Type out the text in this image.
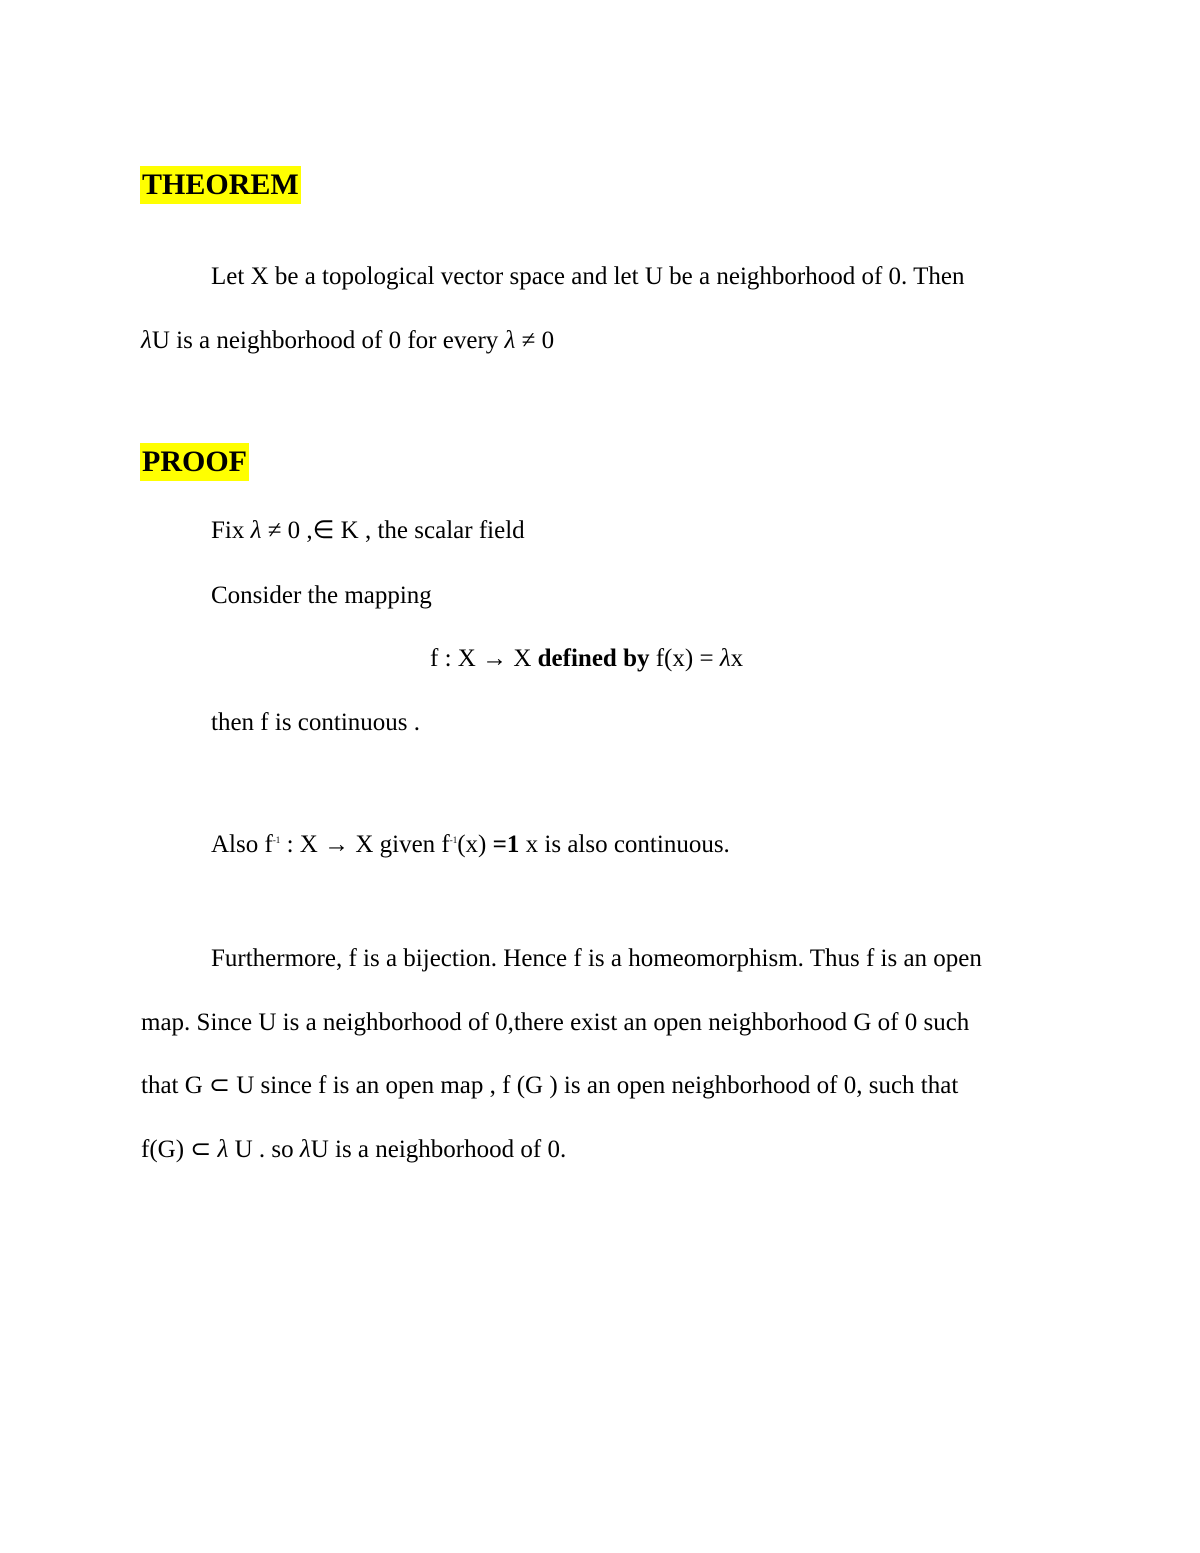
THEOREM

Let X be a topological vector space and let U be a neighborhood of 0. Then

λU is a neighborhood of 0 for every λ ≠ 0

PROOF

Fix λ ≠ 0 ,∈ K , the scalar field

Consider the mapping

f : X → X defined by f(x) = λx

then f is continuous .

Also $f^{-1}$ : X → X given $f^{-1}(x) =1$ x is also continuous.

Furthermore, f is a bijection. Hence f is a homeomorphism. Thus f is an open

map. Since U is a neighborhood of 0,there exist an open neighborhood G of 0 such

that G ⊂ U since f is an open map , f (G ) is an open neighborhood of 0, such that

f(G) ⊂ λ U . so λU is a neighborhood of 0.
